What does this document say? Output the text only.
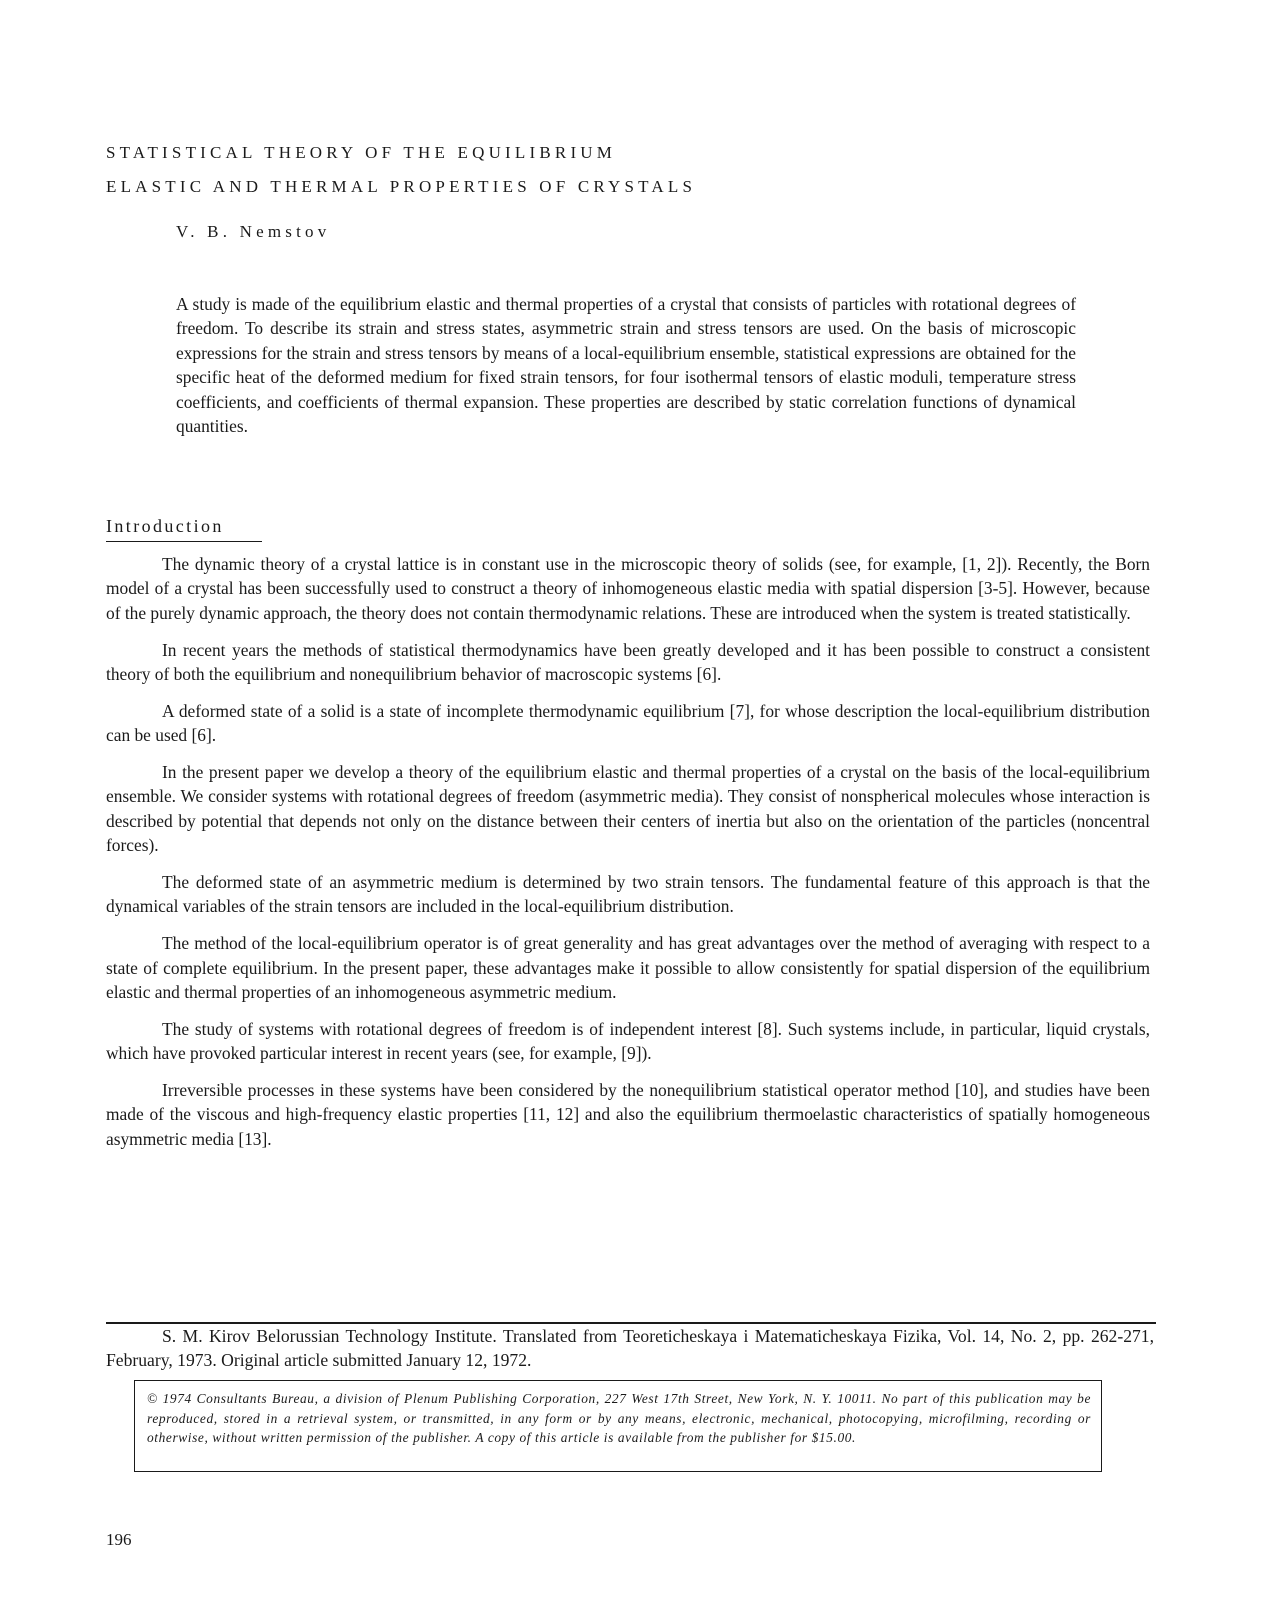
STATISTICAL THEORY OF THE EQUILIBRIUM
ELASTIC AND THERMAL PROPERTIES OF CRYSTALS
V. B. Nemstov

A study is made of the equilibrium elastic and thermal properties of a crystal that consists of particles with rotational degrees of freedom. To describe its strain and stress states, asymmetric strain and stress tensors are used. On the basis of microscopic expressions for the strain and stress tensors by means of a local-equilibrium ensemble, statistical expressions are obtained for the specific heat of the deformed medium for fixed strain tensors, for four isothermal tensors of elastic moduli, temperature stress coefficients, and coefficients of thermal expansion. These properties are described by static correlation functions of dynamical quantities.

Introduction

The dynamic theory of a crystal lattice is in constant use in the microscopic theory of solids (see, for example, [1, 2]). Recently, the Born model of a crystal has been successfully used to construct a theory of inhomogeneous elastic media with spatial dispersion [3-5]. However, because of the purely dynamic approach, the theory does not contain thermodynamic relations. These are introduced when the system is treated statistically.

In recent years the methods of statistical thermodynamics have been greatly developed and it has been possible to construct a consistent theory of both the equilibrium and nonequilibrium behavior of macroscopic systems [6].

A deformed state of a solid is a state of incomplete thermodynamic equilibrium [7], for whose description the local-equilibrium distribution can be used [6].

In the present paper we develop a theory of the equilibrium elastic and thermal properties of a crystal on the basis of the local-equilibrium ensemble. We consider systems with rotational degrees of freedom (asymmetric media). They consist of nonspherical molecules whose interaction is described by potential that depends not only on the distance between their centers of inertia but also on the orientation of the particles (noncentral forces).

The deformed state of an asymmetric medium is determined by two strain tensors. The fundamental feature of this approach is that the dynamical variables of the strain tensors are included in the local-equilibrium distribution.

The method of the local-equilibrium operator is of great generality and has great advantages over the method of averaging with respect to a state of complete equilibrium. In the present paper, these advantages make it possible to allow consistently for spatial dispersion of the equilibrium elastic and thermal properties of an inhomogeneous asymmetric medium.

The study of systems with rotational degrees of freedom is of independent interest [8]. Such systems include, in particular, liquid crystals, which have provoked particular interest in recent years (see, for example, [9]).

Irreversible processes in these systems have been considered by the nonequilibrium statistical operator method [10], and studies have been made of the viscous and high-frequency elastic properties [11, 12] and also the equilibrium thermoelastic characteristics of spatially homogeneous asymmetric media [13].

S. M. Kirov Belorussian Technology Institute. Translated from Teoreticheskaya i Matematicheskaya Fizika, Vol. 14, No. 2, pp. 262-271, February, 1973. Original article submitted January 12, 1972.

© 1974 Consultants Bureau, a division of Plenum Publishing Corporation, 227 West 17th Street, New York, N. Y. 10011. No part of this publication may be reproduced, stored in a retrieval system, or transmitted, in any form or by any means, electronic, mechanical, photocopying, microfilming, recording or otherwise, without written permission of the publisher. A copy of this article is available from the publisher for $15.00.

196
